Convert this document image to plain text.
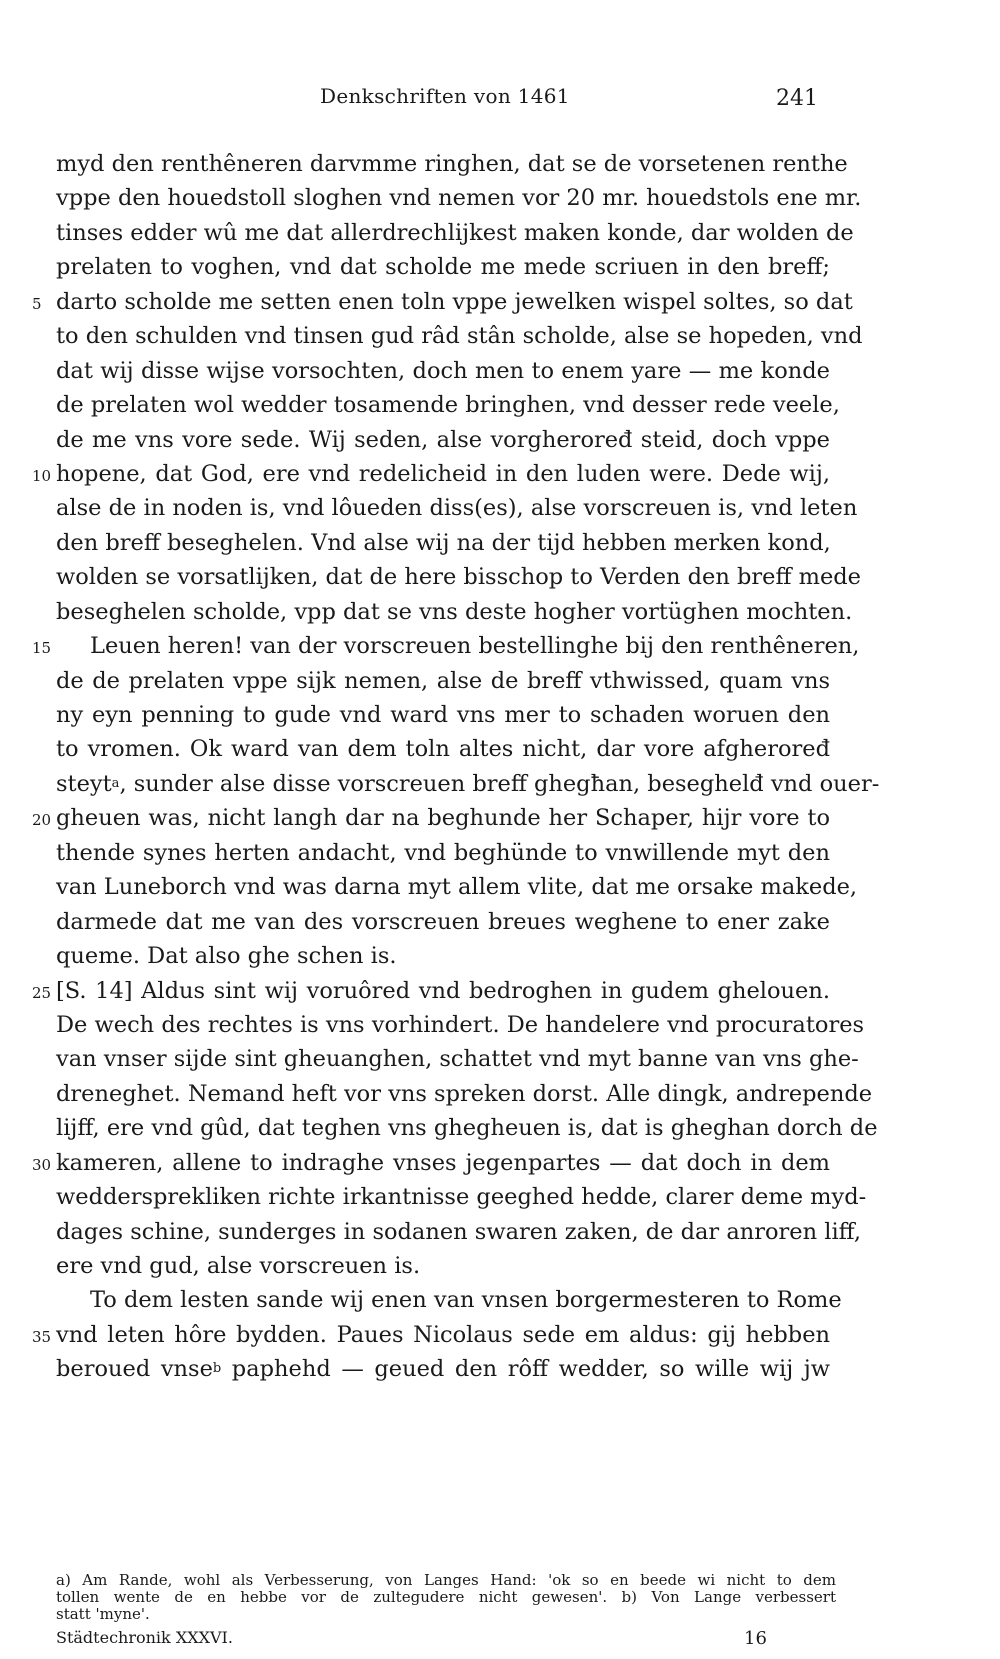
Denkschriften von 1461	241
myd den renthêneren darvmme ringhen, dat se de vorsetenen renthe
vppe den houedstoll sloghen vnd nemen vor 20 mr. houedstols ene mr.
tinses edder wû me dat allerdrechlijkest maken konde, dar wolden de
prelaten to voghen, vnd dat scholde me mede scriuen in den breff;
5 darto scholde me setten enen toln vppe jewelken wispel soltes, so dat
to den schulden vnd tinsen gud râd stân scholde, alse se hopeden, vnd
dat wij disse wijse vorsochten, doch men to enem yare — me konde
de prelaten wol wedder tosamende bringhen, vnd desser rede veele,
de me vns vore sede. Wij seden, alse vorgheroređ steid, doch vppe
10 hopene, dat God, ere vnd redelicheid in den luden were. Dede wij,
alse de in noden is, vnd lôueden diss(es), alse vorscreuen is, vnd leten
den breff beseghelen. Vnd alse wij na der tijd hebben merken kond,
wolden se vorsatlijken, dat de here bisschop to Verden den breff mede
beseghelen scholde, vpp dat se vns deste hogher vortüghen mochten.
15 Leuen heren! van der vorscreuen bestellinghe bij den renthêneren,
de de prelaten vppe sijk nemen, alse de breff vthwissed, quam vns
ny eyn penning to gude vnd ward vns mer to schaden woruen den
to vromen. Ok ward van dem toln altes nicht, dar vore afgheroređ
steyt$^a$, sunder alse disse vorscreuen breff ghegħan, beseghelđ vnd ouer-
20 gheuen was, nicht langh dar na beghunde her Schaper, hijr vore to
thende synes herten andacht, vnd beghünde to vnwillende myt den
van Luneborch vnd was darna myt allem vlite, dat me orsake makede,
darmede dat me van des vorscreuen breues weghene to ener zake
queme. Dat also ghe schen is.
25 [S. 14] Aldus sint wij voruôred vnd bedroghen in gudem ghelouen.
De wech des rechtes is vns vorhindert. De handelere vnd procuratores
van vnser sijde sint gheuanghen, schattet vnd myt banne van vns ghe-
dreneghet. Nemand heft vor vns spreken dorst. Alle dingk, andrepende
lijff, ere vnd gûd, dat teghen vns ghegheuen is, dat is gheghan dorch de
30 kameren, allene to indraghe vnses jegenpartes — dat doch in dem
weddersprekliken richte irkantnisse geeghed hedde, clarer deme myd-
dages schine, sunderges in sodanen swaren zaken, de dar anroren liff,
ere vnd gud, alse vorscreuen is.
To dem lesten sande wij enen van vnsen borgermesteren to Rome
35 vnd leten hôre bydden. Paues Nicolaus sede em aldus: gij hebben
beroued vnse$^b$ paphehd — geued den rôff wedder, so wille wij jw
a) Am Rande, wohl als Verbesserung, von Langes Hand: 'ok so en beede wi nicht to dem
tollen wente de en hebbe vor de zultegudere nicht gewesen'. b) Von Lange verbessert
statt 'myne'.
Städtechronik XXXVI.	16
